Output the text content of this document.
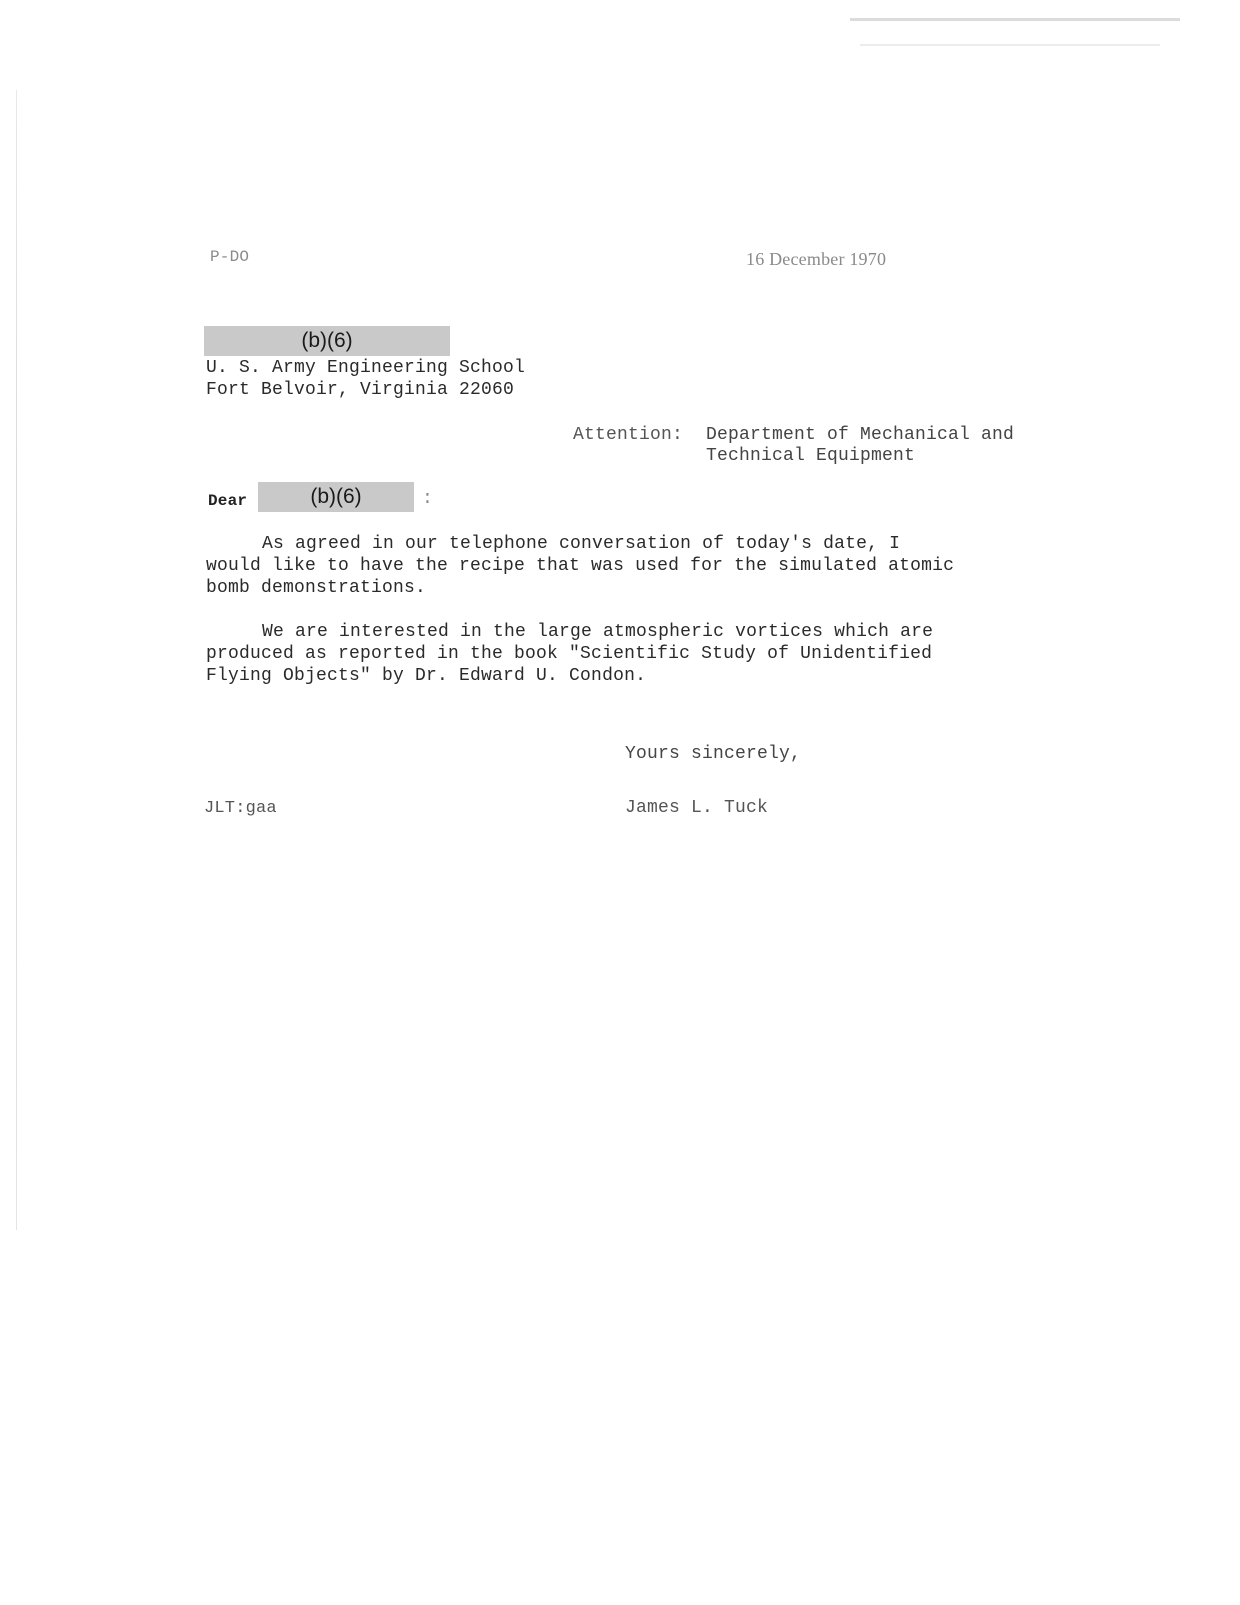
P-DO	16 December 1970
(b)(6)
U. S. Army Engineering School
Fort Belvoir, Virginia 22060
Attention: Department of Mechanical and
Technical Equipment
Dear	(b)(6)	:
As agreed in our telephone conversation of today's date, I
would like to have the recipe that was used for the simulated atomic
bomb demonstrations.
We are interested in the large atmospheric vortices which are
produced as reported in the book "Scientific Study of Unidentified
Flying Objects" by Dr. Edward U. Condon.
Yours sincerely,
JLT:gaa	James L. Tuck
